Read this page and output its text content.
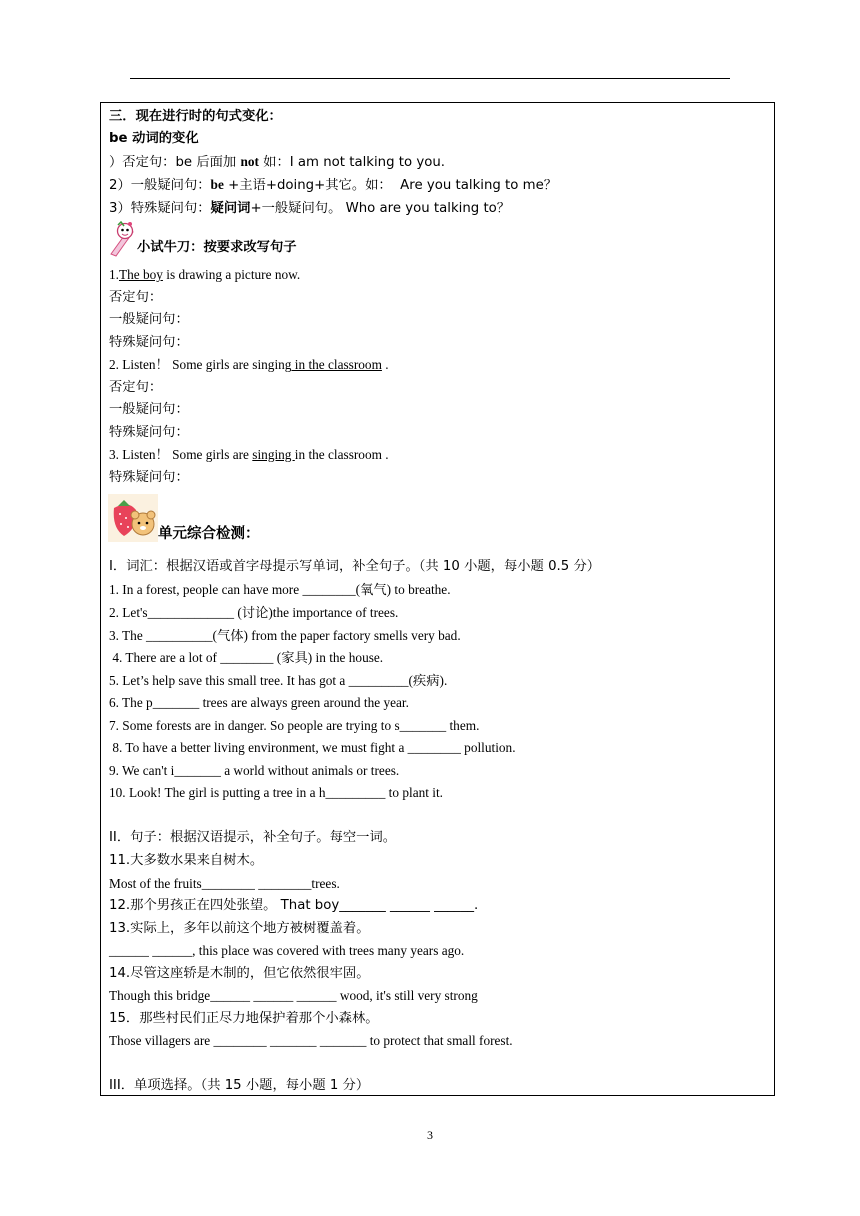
三．现在进行时的句式变化：
be 动词的变化
）否定句：be 后面加 not 如：I am not talking to you.
2）一般疑问句：be +主语+doing+其它。如：  Are you talking to me？
3）特殊疑问句：疑问词+一般疑问句。 Who are you talking to？
小试牛刀：按要求改写句子
1.The boy is drawing a picture now.
否定句：
一般疑问句：
特殊疑问句：
2. Listen！ Some girls are singing in the classroom .
否定句：
一般疑问句：
特殊疑问句：
3. Listen！ Some girls are singing in the classroom .
特殊疑问句：
单元综合检测：
I．词汇：根据汉语或首字母提示写单词，补全句子。（共 10 小题，每小题 0.5 分）
1. In a forest, people can have more ________(氧气) to breathe.
2. Let's_____________ (讨论)the importance of trees.
3. The __________(气体) from the paper factory smells very bad.
4. There are a lot of ________ (家具) in the house.
5. Let’s help save this small tree. It has got a _________(疾病).
6. The p_______ trees are always green around the year.
7. Some forests are in danger. So people are trying to s_______ them.
8. To have a better living environment, we must fight a ________ pollution.
9. We can't i_______ a world without animals or trees.
10. Look! The girl is putting a tree in a h_________ to plant it.
II．句子：根据汉语提示，补全句子。每空一词。
11.大多数水果来自树木。
Most of the fruits________ ________trees.
12.那个男孩正在四处张望。 That boy_______ ______ ______.
13.实际上，多年以前这个地方被树覆盖着。
______ ______, this place was covered with trees many years ago.
14.尽管这座轿是木制的，但它依然很牢固。
Though this bridge______ ______ ______ wood, it's still very strong
15．那些村民们正尽力地保护着那个小森林。
Those villagers are ________ _______ _______ to protect that small forest.
III．单项选择。（共 15 小题，每小题 1 分）
3
